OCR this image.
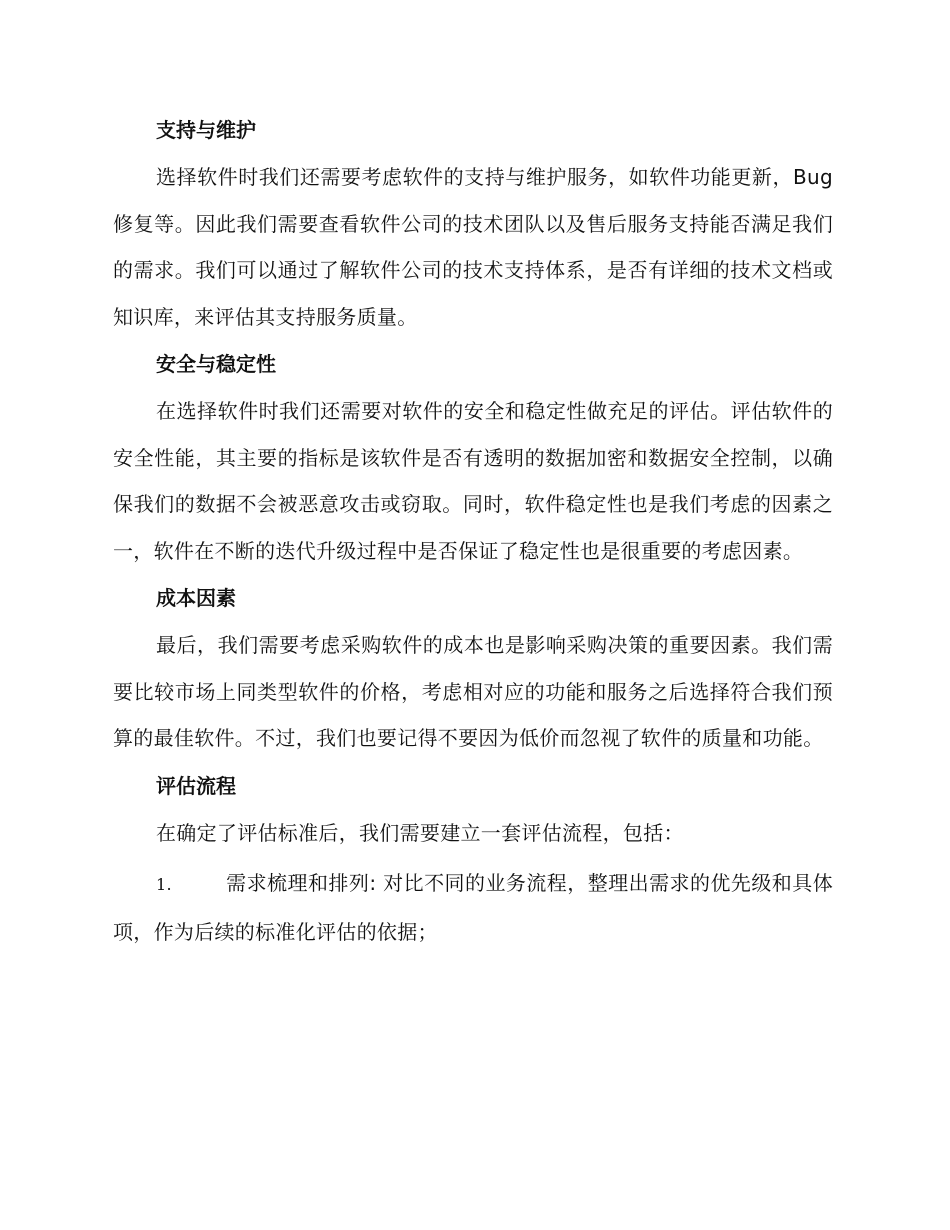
支持与维护

选择软件时我们还需要考虑软件的支持与维护服务，如软件功能更新，Bug 修复等。因此我们需要查看软件公司的技术团队以及售后服务支持能否满足我们的需求。我们可以通过了解软件公司的技术支持体系，是否有详细的技术文档或知识库，来评估其支持服务质量。

安全与稳定性

在选择软件时我们还需要对软件的安全和稳定性做充足的评估。评估软件的安全性能，其主要的指标是该软件是否有透明的数据加密和数据安全控制，以确保我们的数据不会被恶意攻击或窃取。同时，软件稳定性也是我们考虑的因素之一，软件在不断的迭代升级过程中是否保证了稳定性也是很重要的考虑因素。

成本因素

最后，我们需要考虑采购软件的成本也是影响采购决策的重要因素。我们需要比较市场上同类型软件的价格，考虑相对应的功能和服务之后选择符合我们预算的最佳软件。不过，我们也要记得不要因为低价而忽视了软件的质量和功能。

评估流程

在确定了评估标准后，我们需要建立一套评估流程，包括：

1.	需求梳理和排列: 对比不同的业务流程，整理出需求的优先级和具体项，作为后续的标准化评估的依据；
